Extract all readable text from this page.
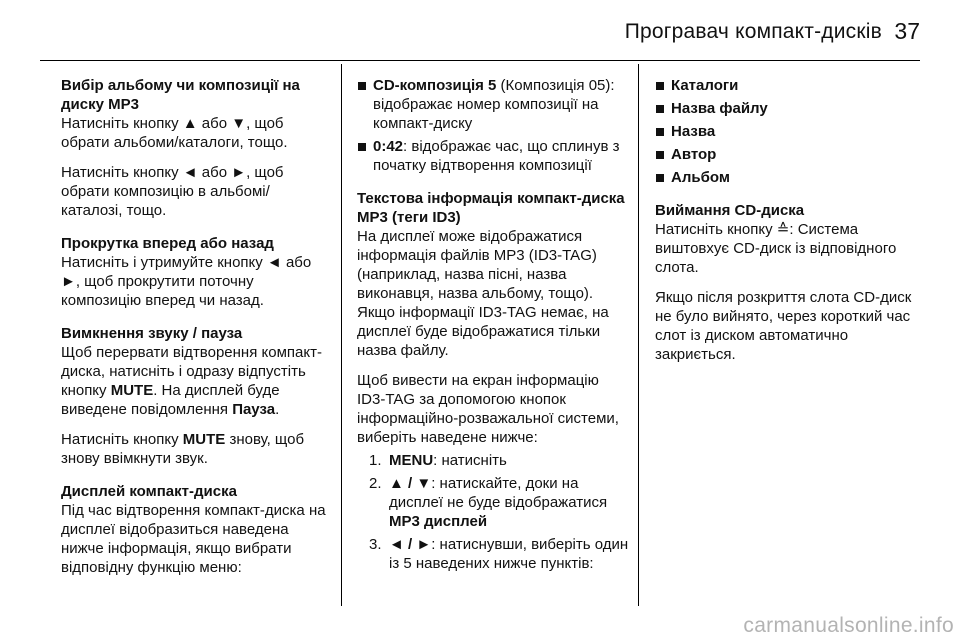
Програвач компакт-дисків 37

Вибір альбому чи композиції на диску MP3

Натисніть кнопку ▲ або ▼, щоб обрати альбоми/каталоги, тощо.

Натисніть кнопку ◄ або ►, щоб обрати композицію в альбомі/ каталозі, тощо.

Прокрутка вперед або назад

Натисніть і утримуйте кнопку ◄ або ►, щоб прокрутити поточну композицію вперед чи назад.

Вимкнення звуку / пауза

Щоб перервати відтворення компакт-диска, натисніть і одразу відпустіть кнопку MUTE. На дисплей буде виведене повідомлення Пауза.

Натисніть кнопку MUTE знову, щоб знову ввімкнути звук.

Дисплей компакт-диска

Під час відтворення компакт-диска на дисплеї відобразиться наведена нижче інформація, якщо вибрати відповідну функцію меню:

CD-композиція 5 (Композиція 05): відображає номер композиції на компакт-диску

0:42: відображає час, що сплинув з початку відтворення композиції

Текстова інформація компакт-диска MP3 (теги ID3)

На дисплеї може відображатися інформація файлів MP3 (ID3-TAG) (наприклад, назва пісні, назва виконавця, назва альбому, тощо). Якщо інформації ID3-TAG немає, на дисплеї буде відображатися тільки назва файлу.

Щоб вивести на екран інформацію ID3-TAG за допомогою кнопок інформаційно-розважальної системи, виберіть наведене нижче:

1. MENU: натисніть

2. ▲ / ▼: натискайте, доки на дисплеї не буде відображатися MP3 дисплей

3. ◄ / ►: натиснувши, виберіть один із 5 наведених нижче пунктів:

Каталоги

Назва файлу

Назва

Автор

Альбом

Виймання CD-диска

Натисніть кнопку ≙: Система виштовхує CD-диск із відповідного слота.

Якщо після розкриття слота CD-диск не було вийнято, через короткий час слот із диском автоматично закриється.

carmanualsonline.info
